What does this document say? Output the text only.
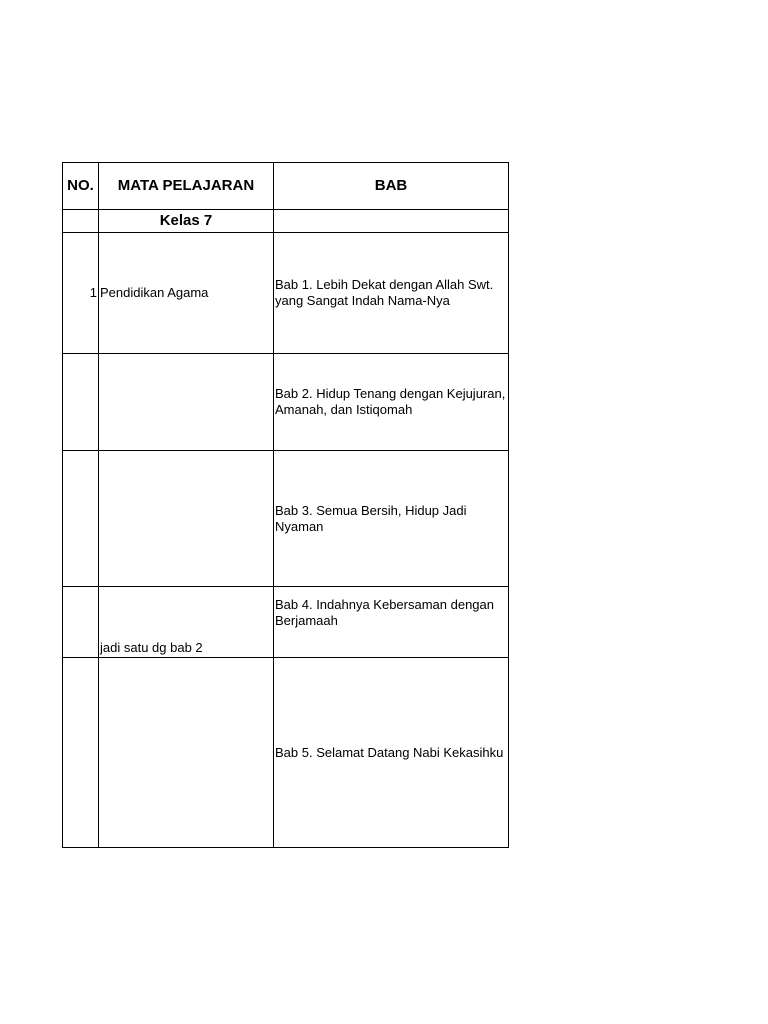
NO.	MATA PELAJARAN	BAB
	Kelas 7	
1	Pendidikan Agama	Bab 1. Lebih Dekat dengan Allah Swt. yang Sangat Indah Nama-Nya
		Bab 2. Hidup Tenang dengan Kejujuran, Amanah, dan Istiqomah
		Bab 3. Semua Bersih, Hidup Jadi Nyaman
	jadi satu dg bab 2	Bab 4. Indahnya Kebersaman dengan Berjamaah
		Bab 5. Selamat Datang Nabi Kekasihku
